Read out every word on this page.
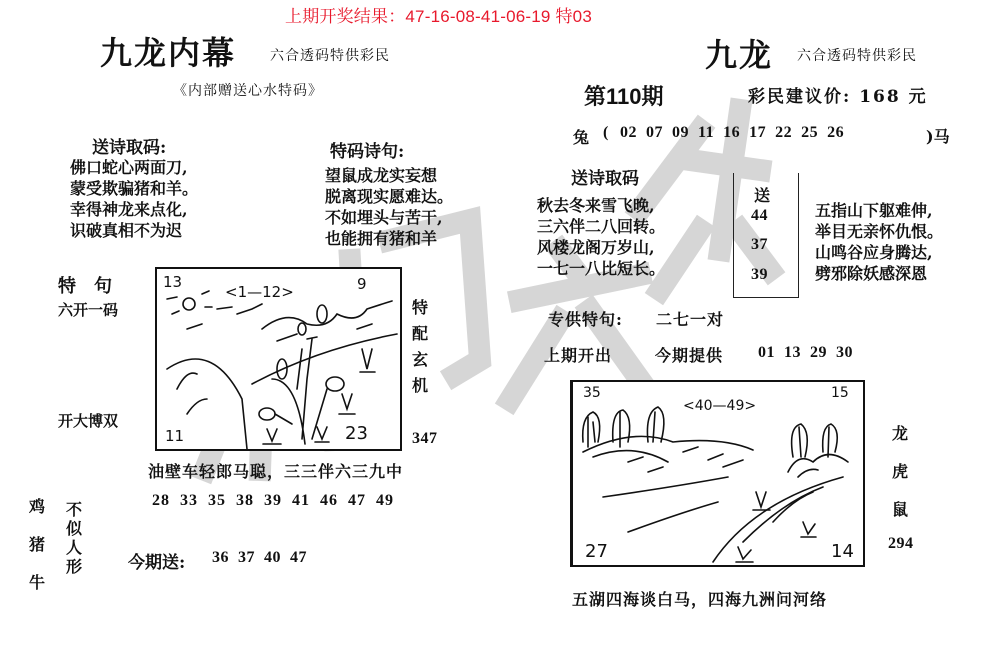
上期开奖结果：47-16-08-41-06-19 特03
九龙内幕 六合透码特供彩民
《内部赠送心水特码》
送诗取码:
佛口蛇心两面刀,
蒙受欺骗猪和羊。
幸得神龙来点化,
识破真相不为迟
特码诗句:
望鼠成龙实妄想
脱离现实愿难达。
不如埋头与苦干,
也能拥有猪和羊
特　句
六开一码
开大博双
13	9
11	23
<1—12>
特配玄机
347
油壁车轻郎马聪，三三伴六三九中
28  33  35  38  39  41  46  47  49
鸡
猪
牛
不似人形	今期送: 36  37  40  47
九龙 六合透码特供彩民
第110期	彩民建议价: 168 元
兔 ( 02  07  09  11  16  17  22  25  26	)马
送诗取码
秋去冬来雪飞晚,
三六伴二八回转。
风楼龙阁万岁山,
一七一八比短长。
送
44
37
39
五指山下躯难伸,
举目无亲怀仇恨。
山鸣谷应身腾达,
劈邪除妖感深恩
专供特句: 二七一对
上期开出	今期提供 01  13  29  30
35	15
27	14
<40—49>
龙
虎
鼠
294
五湖四海谈白马，四海九洲问河络
